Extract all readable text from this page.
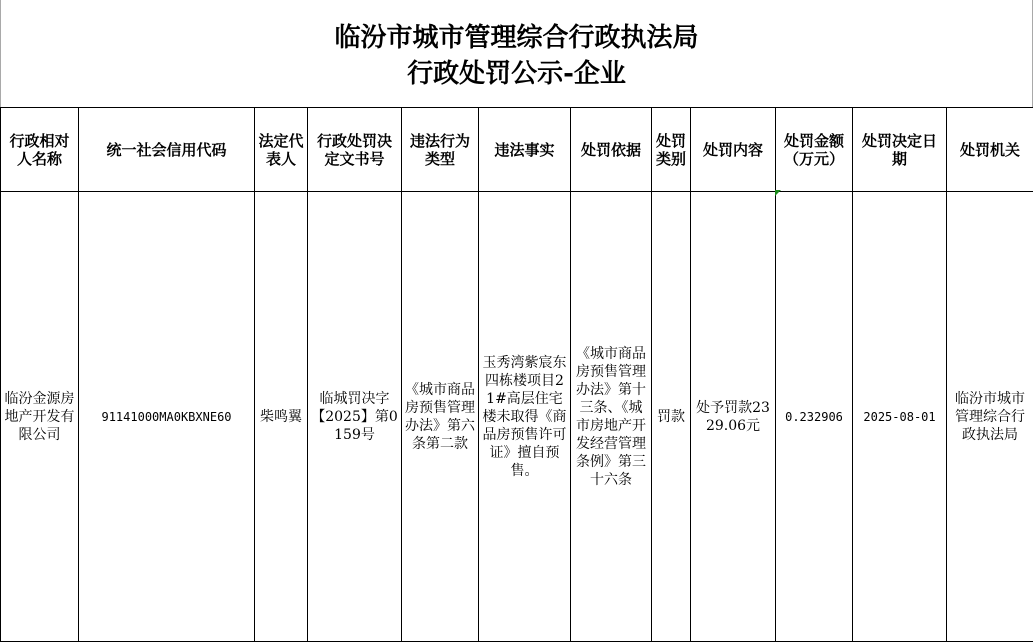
临汾市城市管理综合行政执法局
行政处罚公示-企业
行政相对人名称	统一社会信用代码	法定代表人	行政处罚决定文书号	违法行为类型	违法事实	处罚依据	处罚类别	处罚内容	处罚金额（万元）	处罚决定日期	处罚机关
临汾金源房地产开发有限公司	91141000MA0KBXNE60	柴鸣翼	临城罚决字【2025】第0159号	《城市商品房预售管理办法》第六条第二款	玉秀湾紫宸东四栋楼项目21#高层住宅楼未取得《商品房预售许可证》擅自预售。	《城市商品房预售管理办法》第十三条、《城市房地产开发经营管理条例》第三十六条	罚款	处予罚款2329.06元	0.232906	2025-08-01	临汾市城市管理综合行政执法局
